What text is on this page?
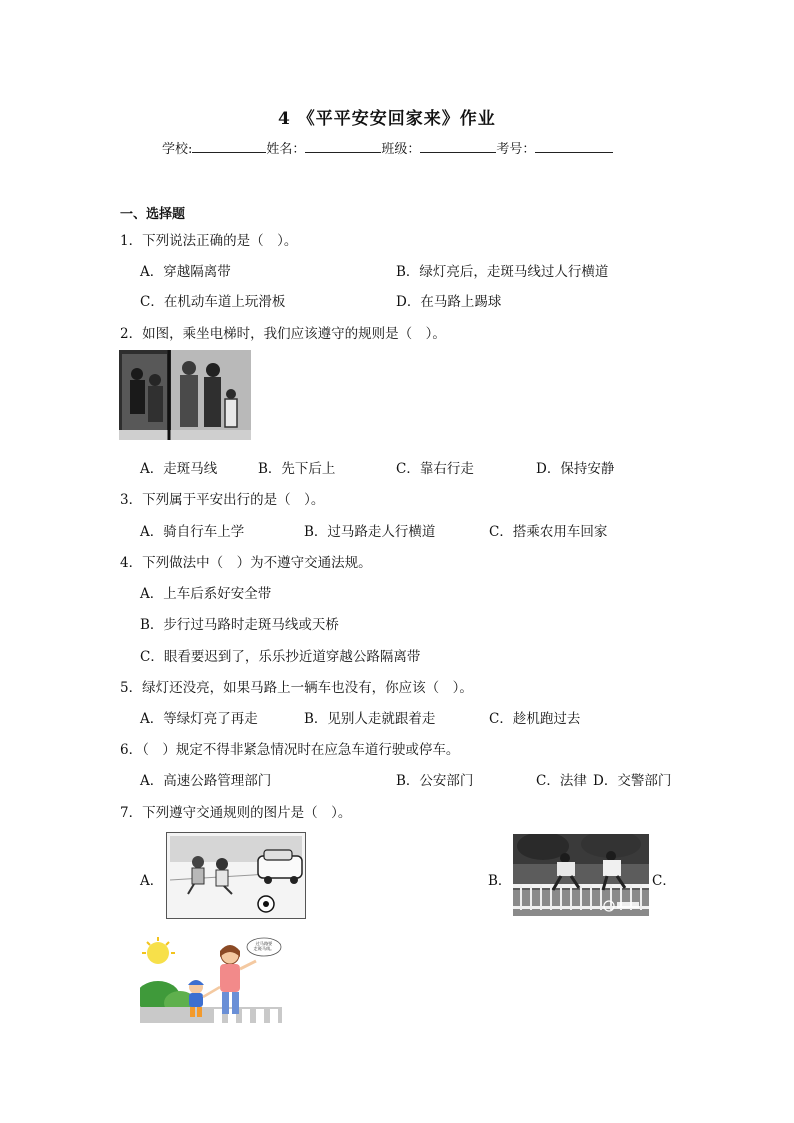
4 《平平安安回家来》作业
学校:	姓名：	班级：	考号：
一、选择题
1．下列说法正确的是（　）。
A．穿越隔离带	B．绿灯亮后，走斑马线过人行横道
C．在机动车道上玩滑板	D．在马路上踢球
2．如图，乘坐电梯时，我们应该遵守的规则是（　）。
A．走斑马线	B．先下后上	C．靠右行走	D．保持安静
3．下列属于平安出行的是（　）。
A．骑自行车上学	B．过马路走人行横道	C．搭乘农用车回家
4．下列做法中（　）为不遵守交通法规。
A．上车后系好安全带
B．步行过马路时走斑马线或天桥
C．眼看要迟到了，乐乐抄近道穿越公路隔离带
5．绿灯还没亮，如果马路上一辆车也没有，你应该（　）。
A．等绿灯亮了再走	B．见别人走就跟着走	C．趁机跑过去
6．（　）规定不得非紧急情况时在应急车道行驶或停车。
A．高速公路管理部门	B．公安部门	C．法律 D．交警部门
7．下列遵守交通规则的图片是（　）。
A．	B．	C．
过马路要走斑马线。
